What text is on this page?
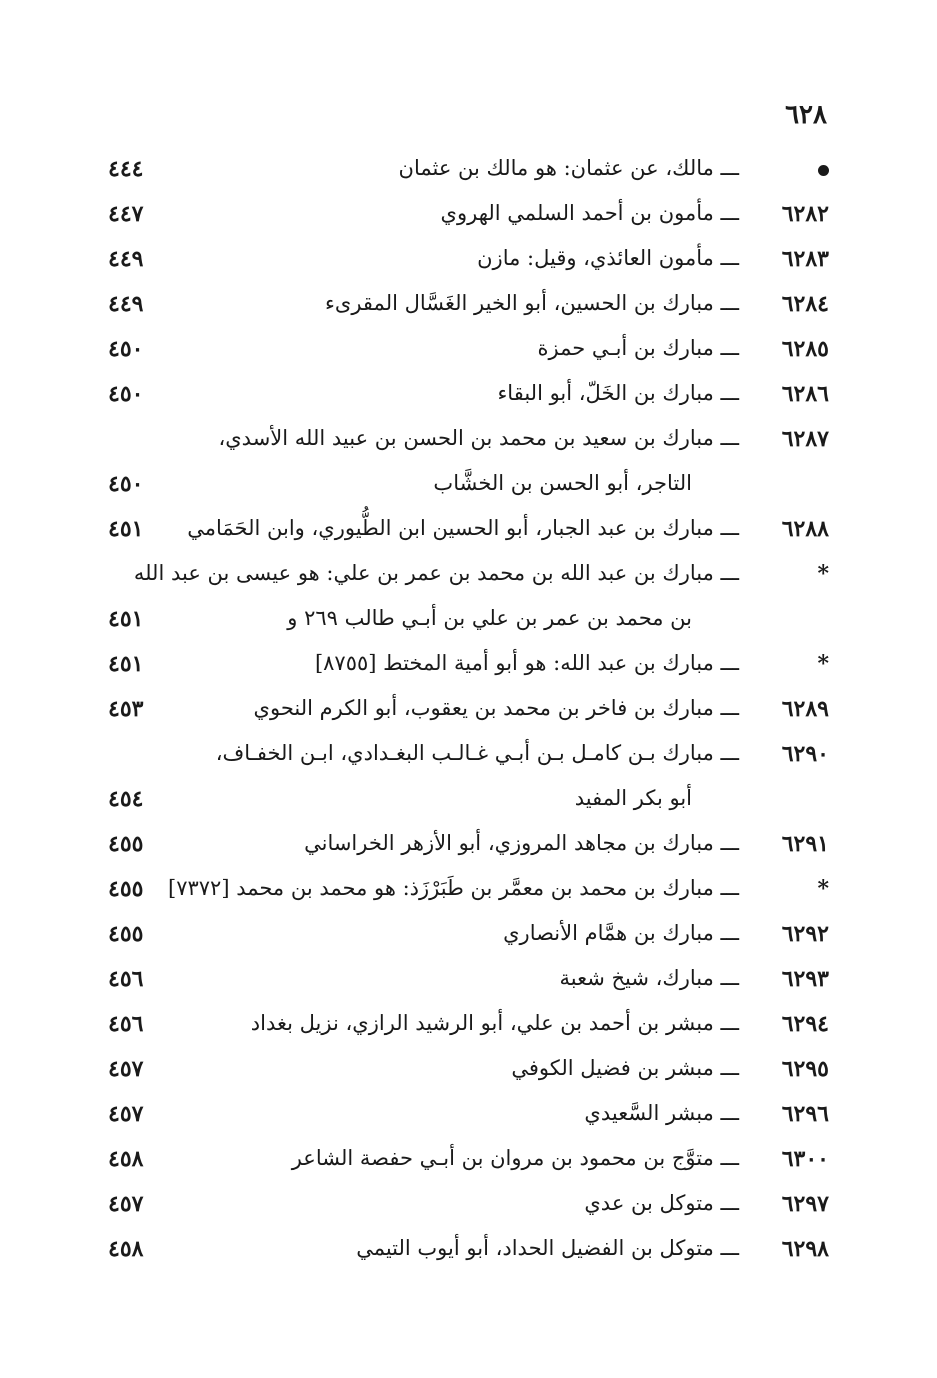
٦٢٨
ـــ مالك، عن عثمان: هو مالك بن عثمان
٤٤٤
٦٢٨٢
ـــ مأمون بن أحمد السلمي الهروي
٤٤٧
٦٢٨٣
ـــ مأمون العائذي، وقيل: مازن
٤٤٩
٦٢٨٤
ـــ مبارك بن الحسين، أبو الخير الغَسَّال المقرىء
٤٤٩
٦٢٨٥
ـــ مبارك بن أبـي حمزة
٤٥٠
٦٢٨٦
ـــ مبارك بن الخَلّ، أبو البقاء
٤٥٠
٦٢٨٧
ـــ مبارك بن سعيد بن محمد بن الحسن بن عبيد الله الأسدي،
التاجر، أبو الحسن بن الخشَّاب
٤٥٠
٦٢٨٨
ـــ مبارك بن عبد الجبار، أبو الحسين ابن الطُّيوري، وابن الحَمَامي
٤٥١
*
ـــ مبارك بن عبد الله بن محمد بن عمر بن علي: هو عيسى بن عبد الله
بن محمد بن عمر بن علي بن أبـي طالب ٢٦٩ و
٤٥١
*
ـــ مبارك بن عبد الله: هو أبو أمية المختط [٨٧٥٥]
٤٥١
٦٢٨٩
ـــ مبارك بن فاخر بن محمد بن يعقوب، أبو الكرم النحوي
٤٥٣
٦٢٩٠
ـــ مبارك بـن كامـل بـن أبـي غـالـب البغـدادي، ابـن الخفـاف،
أبو بكر المفيد
٤٥٤
٦٢٩١
ـــ مبارك بن مجاهد المروزي، أبو الأزهر الخراساني
٤٥٥
*
ـــ مبارك بن محمد بن معمَّر بن طَبَرْزَذ: هو محمد بن محمد [٧٣٧٢]
٤٥٥
٦٢٩٢
ـــ مبارك بن همَّام الأنصاري
٤٥٥
٦٢٩٣
ـــ مبارك، شيخ شعبة
٤٥٦
٦٢٩٤
ـــ مبشر بن أحمد بن علي، أبو الرشيد الرازي، نزيل بغداد
٤٥٦
٦٢٩٥
ـــ مبشر بن فضيل الكوفي
٤٥٧
٦٢٩٦
ـــ مبشر السَّعيدي
٤٥٧
٦٣٠٠
ـــ متوَّج بن محمود بن مروان بن أبـي حفصة الشاعر
٤٥٨
٦٢٩٧
ـــ متوكل بن عدي
٤٥٧
٦٢٩٨
ـــ متوكل بن الفضيل الحداد، أبو أيوب التيمي
٤٥٨
